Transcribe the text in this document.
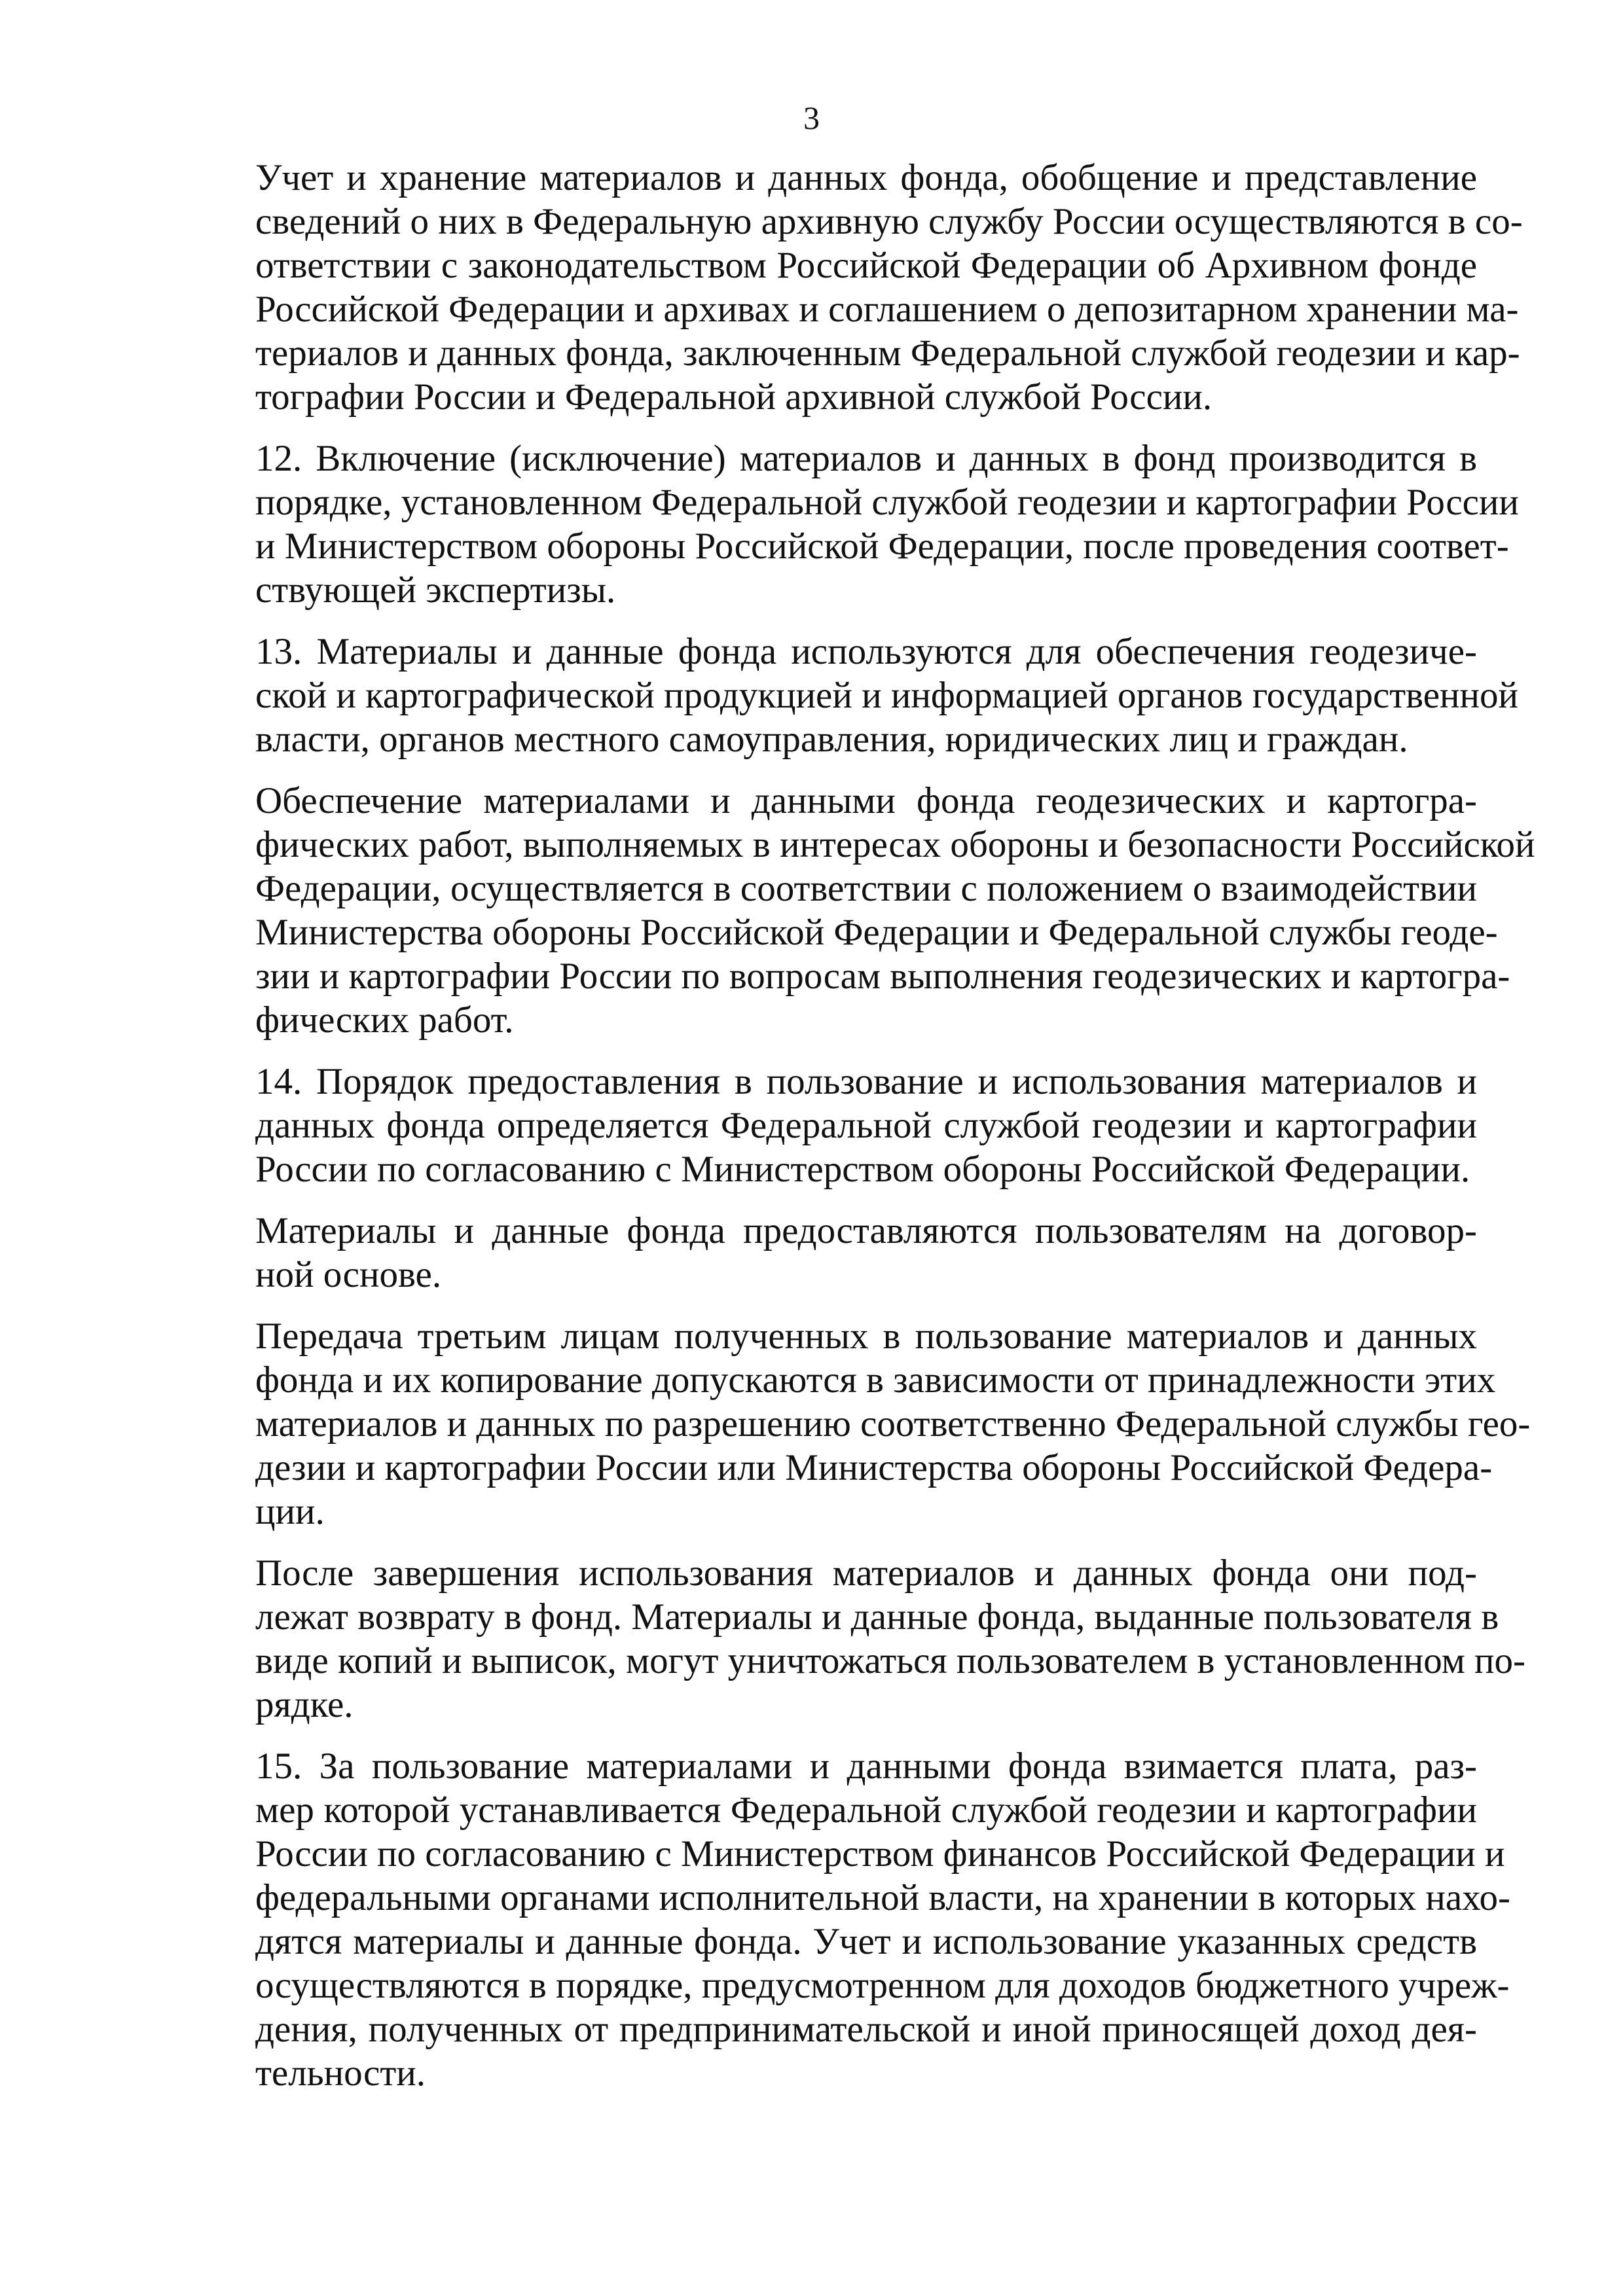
3

Учет и хранение материалов и данных фонда, обобщение и представление
сведений о них в Федеральную архивную службу России осуществляются в со-
ответствии с законодательством Российской Федерации об Архивном фонде
Российской Федерации и архивах и соглашением о депозитарном хранении ма-
териалов и данных фонда, заключенным Федеральной службой геодезии и кар-
тографии России и Федеральной архивной службой России.

12. Включение (исключение) материалов и данных в фонд производится в
порядке, установленном Федеральной службой геодезии и картографии России
и Министерством обороны Российской Федерации, после проведения соответ-
ствующей экспертизы.

13. Материалы и данные фонда используются для обеспечения геодезиче-
ской и картографической продукцией и информацией органов государственной
власти, органов местного самоуправления, юридических лиц и граждан.

Обеспечение материалами и данными фонда геодезических и картогра-
фических работ, выполняемых в интересах обороны и безопасности Российской
Федерации, осуществляется в соответствии с положением о взаимодействии
Министерства обороны Российской Федерации и Федеральной службы геоде-
зии и картографии России по вопросам выполнения геодезических и картогра-
фических работ.

14. Порядок предоставления в пользование и использования материалов и
данных фонда определяется Федеральной службой геодезии и картографии
России по согласованию с Министерством обороны Российской Федерации.

Материалы и данные фонда предоставляются пользователям на договор-
ной основе.

Передача третьим лицам полученных в пользование материалов и данных
фонда и их копирование допускаются в зависимости от принадлежности этих
материалов и данных по разрешению соответственно Федеральной службы гео-
дезии и картографии России или Министерства обороны Российской Федера-
ции.

После завершения использования материалов и данных фонда они под-
лежат возврату в фонд. Материалы и данные фонда, выданные пользователя в
виде копий и выписок, могут уничтожаться пользователем в установленном по-
рядке.

15. За пользование материалами и данными фонда взимается плата, раз-
мер которой устанавливается Федеральной службой геодезии и картографии
России по согласованию с Министерством финансов Российской Федерации и
федеральными органами исполнительной власти, на хранении в которых нахо-
дятся материалы и данные фонда. Учет и использование указанных средств
осуществляются в порядке, предусмотренном для доходов бюджетного учреж-
дения, полученных от предпринимательской и иной приносящей доход дея-
тельности.
